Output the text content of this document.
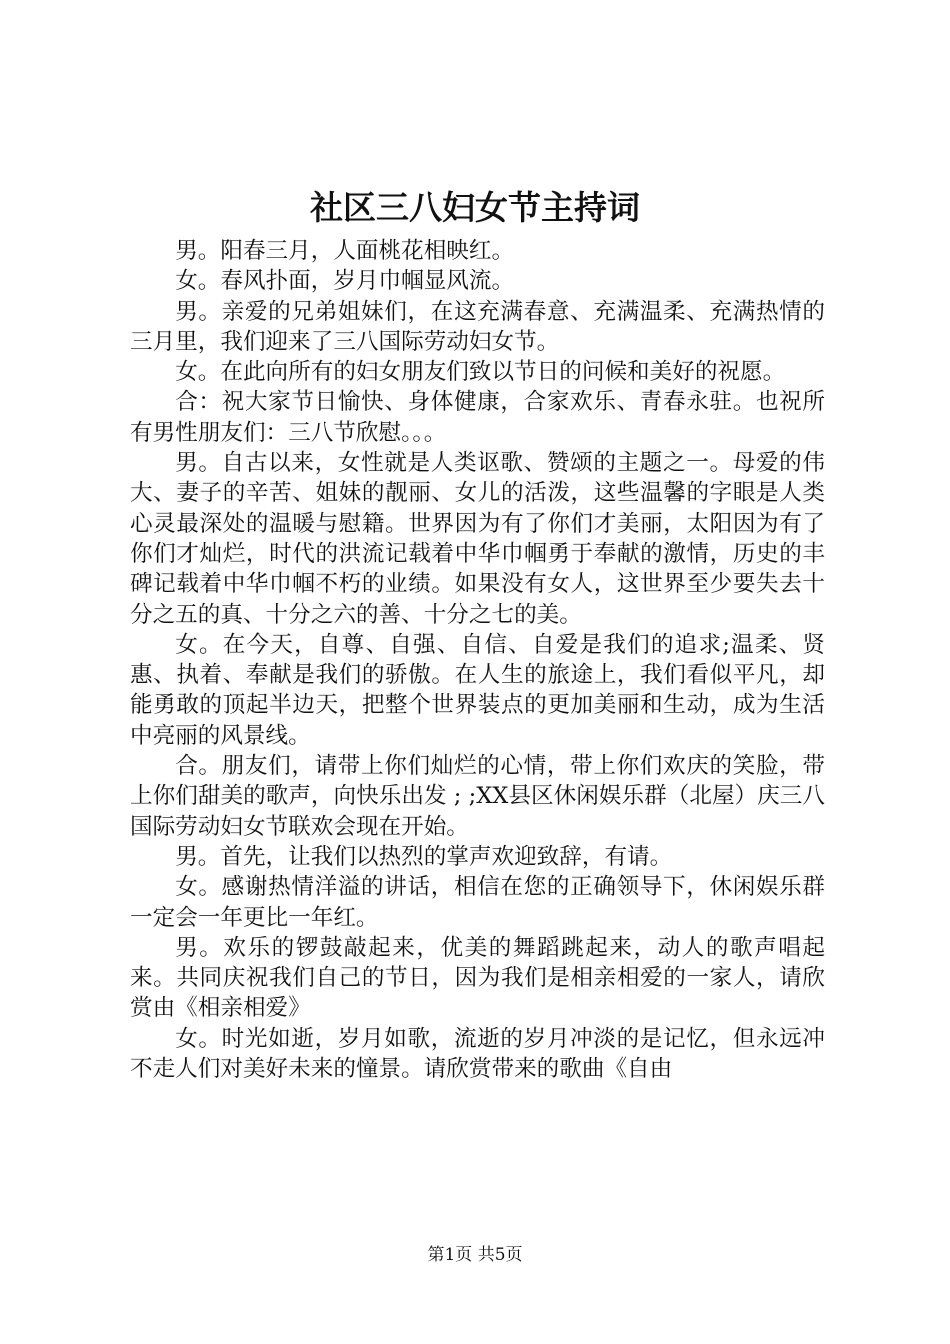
社区三八妇女节主持词

男。阳春三月，人面桃花相映红。

女。春风扑面，岁月巾帼显风流。

男。亲爱的兄弟姐妹们，在这充满春意、充满温柔、充满热情的三月里，我们迎来了三八国际劳动妇女节。

女。在此向所有的妇女朋友们致以节日的问候和美好的祝愿。

合：祝大家节日愉快、身体健康，合家欢乐、青春永驻。也祝所有男性朋友们：三八节欣慰。。。

男。自古以来，女性就是人类讴歌、赞颂的主题之一。母爱的伟大、妻子的辛苦、姐妹的靓丽、女儿的活泼，这些温馨的字眼是人类心灵最深处的温暖与慰籍。世界因为有了你们才美丽，太阳因为有了你们才灿烂，时代的洪流记载着中华巾帼勇于奉献的激情，历史的丰碑记载着中华巾帼不朽的业绩。如果没有女人，这世界至少要失去十分之五的真、十分之六的善、十分之七的美。

女。在今天，自尊、自强、自信、自爱是我们的追求;温柔、贤惠、执着、奉献是我们的骄傲。在人生的旅途上，我们看似平凡，却能勇敢的顶起半边天，把整个世界装点的更加美丽和生动，成为生活中亮丽的风景线。

合。朋友们，请带上你们灿烂的心情，带上你们欢庆的笑脸，带上你们甜美的歌声，向快乐出发 ; ;XX县区休闲娱乐群（北屋）庆三八国际劳动妇女节联欢会现在开始。

男。首先，让我们以热烈的掌声欢迎致辞，有请。

女。感谢热情洋溢的讲话，相信在您的正确领导下，休闲娱乐群一定会一年更比一年红。

男。欢乐的锣鼓敲起来，优美的舞蹈跳起来，动人的歌声唱起来。共同庆祝我们自己的节日，因为我们是相亲相爱的一家人，请欣赏由《相亲相爱》

女。时光如逝，岁月如歌，流逝的岁月冲淡的是记忆，但永远冲不走人们对美好未来的憧景。请欣赏带来的歌曲《自由

第1页 共5页
